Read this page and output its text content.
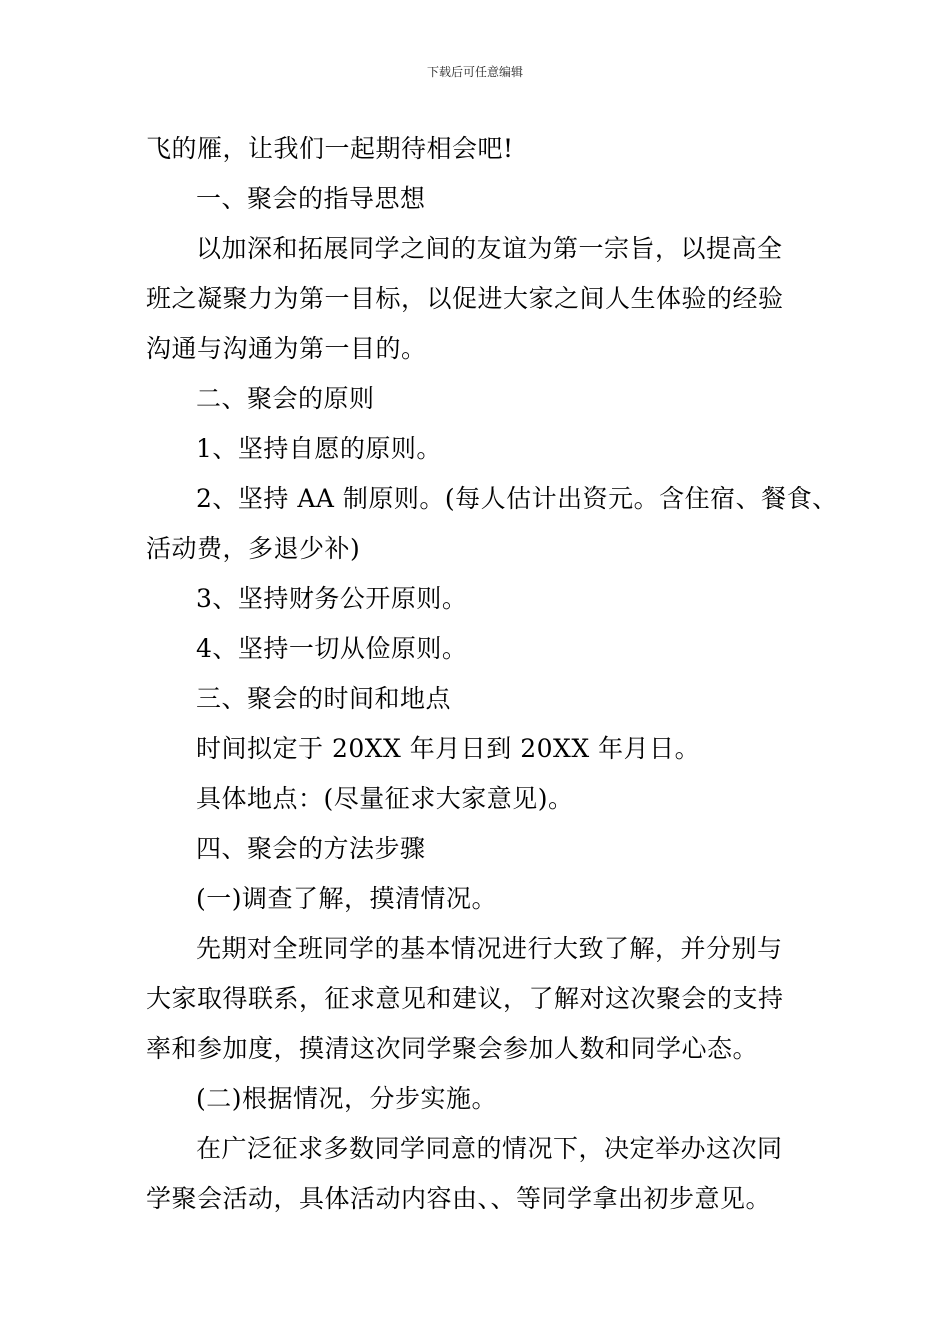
下载后可任意编辑
飞的雁，让我们一起期待相会吧!
一、聚会的指导思想
以加深和拓展同学之间的友谊为第一宗旨，以提高全
班之凝聚力为第一目标，以促进大家之间人生体验的经验
沟通与沟通为第一目的。
二、聚会的原则
1、坚持自愿的原则。
2、坚持 AA 制原则。(每人估计出资元。含住宿、餐食、
活动费，多退少补)
3、坚持财务公开原则。
4、坚持一切从俭原则。
三、聚会的时间和地点
时间拟定于 20XX 年月日到 20XX 年月日。
具体地点：(尽量征求大家意见)。
四、聚会的方法步骤
(一)调查了解，摸清情况。
先期对全班同学的基本情况进行大致了解，并分别与
大家取得联系，征求意见和建议，了解对这次聚会的支持
率和参加度，摸清这次同学聚会参加人数和同学心态。
(二)根据情况，分步实施。
在广泛征求多数同学同意的情况下，决定举办这次同
学聚会活动，具体活动内容由、、等同学拿出初步意见。
